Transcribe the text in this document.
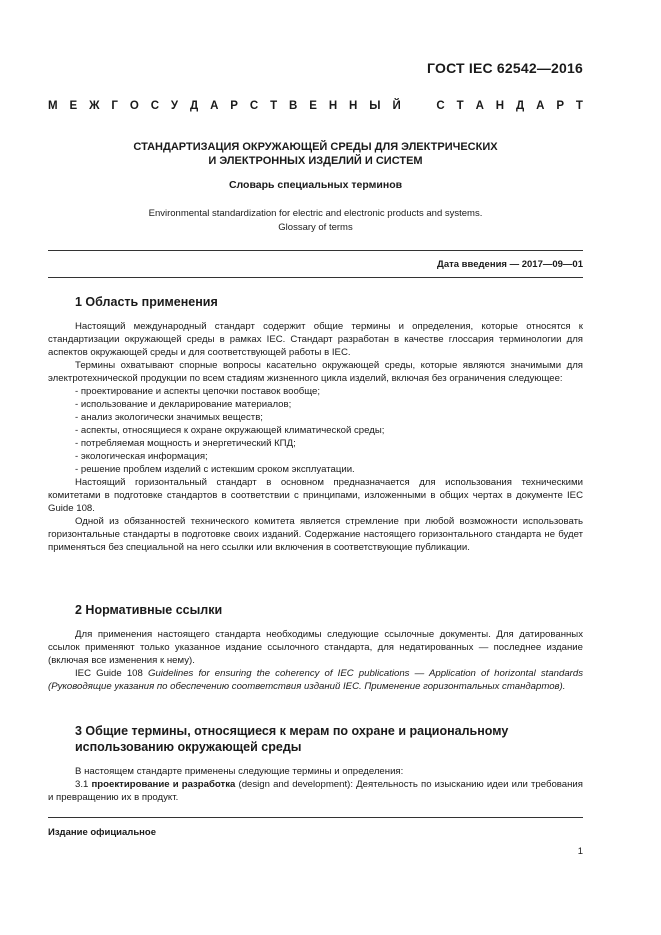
ГОСТ IEC 62542—2016
М Е Ж Г О С У Д А Р С Т В Е Н Н Ы Й	С Т А Н Д А Р Т
СТАНДАРТИЗАЦИЯ ОКРУЖАЮЩЕЙ СРЕДЫ ДЛЯ ЭЛЕКТРИЧЕСКИХ
И ЭЛЕКТРОННЫХ ИЗДЕЛИЙ И СИСТЕМ
Словарь специальных терминов
Environmental standardization for electric and electronic products and systems.
Glossary of terms
Дата введения — 2017—09—01
1 Область применения

Настоящий международный стандарт содержит общие термины и определения, которые относятся к стандартизации окружающей среды в рамках IEC. Стандарт разработан в качестве глоссария терминологии для аспектов окружающей среды и для соответствующей работы в IEC.

Термины охватывают спорные вопросы касательно окружающей среды, которые являются значимыми для электротехнической продукции по всем стадиям жизненного цикла изделий, включая без ограничения следующее:

- проектирование и аспекты цепочки поставок вообще;

- использование и декларирование материалов;

- анализ экологически значимых веществ;

- аспекты, относящиеся к охране окружающей климатической среды;

- потребляемая мощность и энергетический КПД;

- экологическая информация;

- решение проблем изделий с истекшим сроком эксплуатации.

Настоящий горизонтальный стандарт в основном предназначается для использования техническими комитетами в подготовке стандартов в соответствии с принципами, изложенными в общих чертах в документе IEC Guide 108.

Одной из обязанностей технического комитета является стремление при любой возможности использовать горизонтальные стандарты в подготовке своих изданий. Содержание настоящего горизонтального стандарта не будет применяться без специальной на него ссылки или включения в соответствующие публикации.

2 Нормативные ссылки

Для применения настоящего стандарта необходимы следующие ссылочные документы. Для датированных ссылок применяют только указанное издание ссылочного стандарта, для недатированных — последнее издание (включая все изменения к нему).

IEC Guide 108 Guidelines for ensuring the coherency of IEC publications — Application of horizontal standards (Руководящие указания по обеспечению соответствия изданий IEC. Применение горизонтальных стандартов).

3 Общие термины, относящиеся к мерам по охране и рациональному
использованию окружающей среды

В настоящем стандарте применены следующие термины и определения:

3.1 проектирование и разработка (design and development): Деятельность по изысканию идеи или требования и превращению их в продукт.

Издание официальное
1
